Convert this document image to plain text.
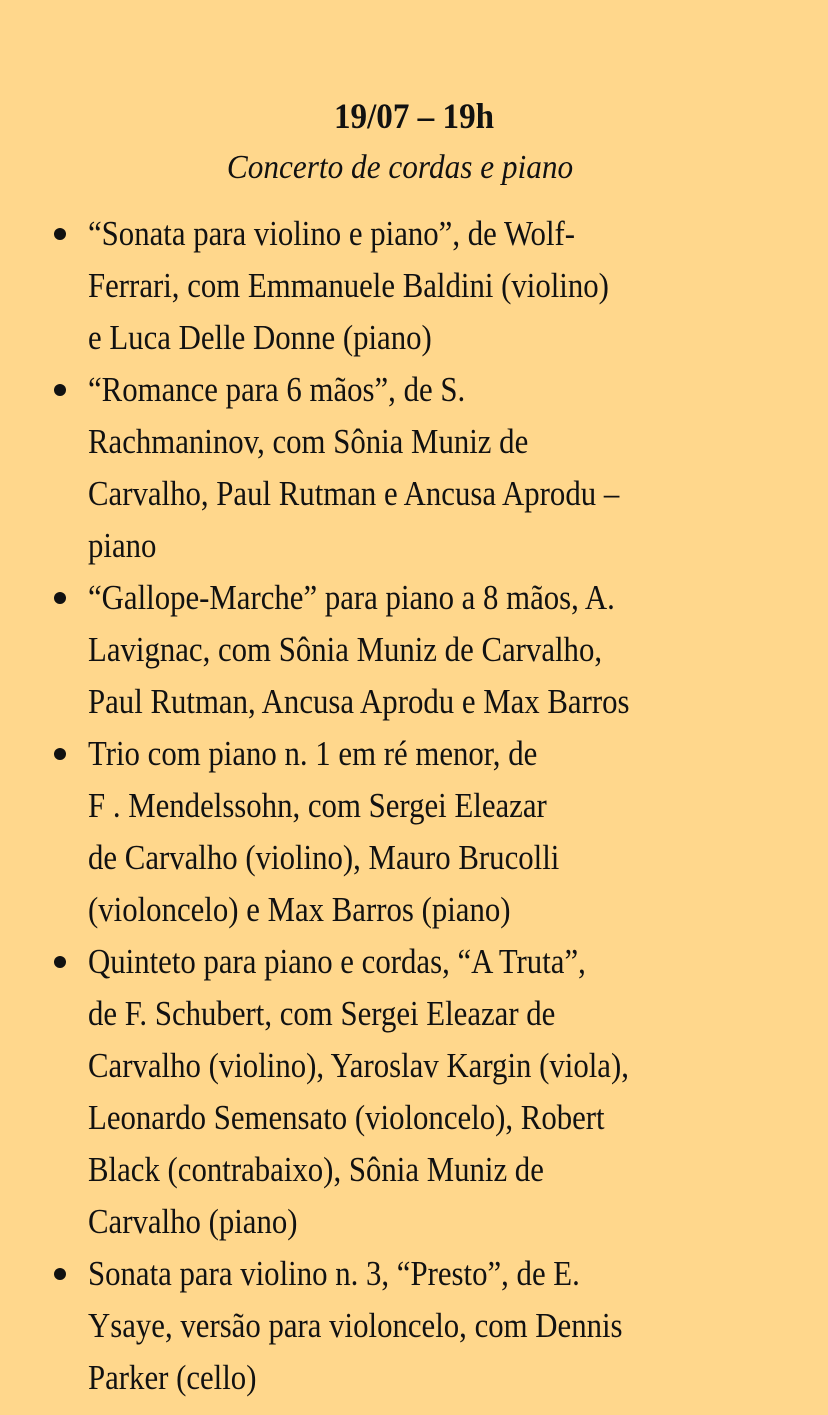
19/07 – 19h
Concerto de cordas e piano
“Sonata para violino e piano”, de Wolf-
Ferrari, com Emmanuele Baldini (violino)
e Luca Delle Donne (piano)
“Romance para 6 mãos”, de S.
Rachmaninov, com Sônia Muniz de
Carvalho, Paul Rutman e Ancusa Aprodu –
piano
“Gallope-Marche” para piano a 8 mãos, A.
Lavignac, com Sônia Muniz de Carvalho,
Paul Rutman, Ancusa Aprodu e Max Barros
Trio com piano n. 1 em ré menor, de
F . Mendelssohn, com Sergei Eleazar
de Carvalho (violino), Mauro Brucolli
(violoncelo) e Max Barros (piano)
Quinteto para piano e cordas, “A Truta”,
de F. Schubert, com Sergei Eleazar de
Carvalho (violino), Yaroslav Kargin (viola),
Leonardo Semensato (violoncelo), Robert
Black (contrabaixo), Sônia Muniz de
Carvalho (piano)
Sonata para violino n. 3, “Presto”, de E.
Ysaye, versão para violoncelo, com Dennis
Parker (cello)
